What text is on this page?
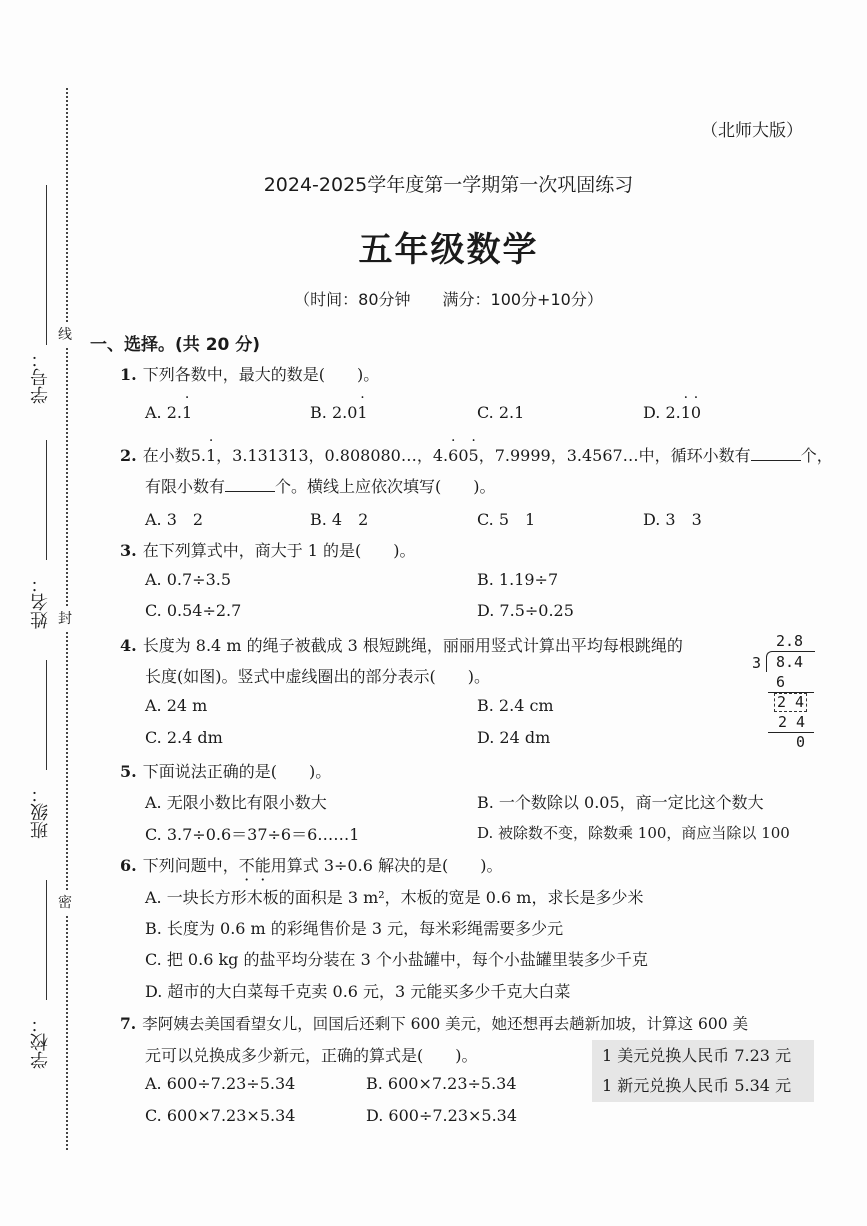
线
封
密
学号：
姓名：
班级：
学校：
（北师大版）
2024-2025学年度第一学期第一次巩固练习
五年级数学
（时间：80分钟　　满分：100分+10分）
一、选择。(共 20 分)
1. 下列各数中，最大的数是(　　)。
A. 2.· 1	B. 2.0· 1	C. 2.1	D. 2.· 1· 0
2. 在小数5.· 1，3.131313，0.808080…，4.· 60· 5，7.9999，3.4567…中，循环小数有	个，
有限小数有	个。横线上应依次填写(　　)。
A. 3　2	B. 4　2	C. 5　1	D. 3　3
3. 在下列算式中，商大于 1 的是(　　)。
A. 0.7÷3.5	B. 1.19÷7
C. 0.54÷2.7	D. 7.5÷0.25
4. 长度为 8.4 m 的绳子被截成 3 根短跳绳，丽丽用竖式计算出平均每根跳绳的
长度(如图)。竖式中虚线圈出的部分表示(　　)。
A. 24 m	B. 2.4 cm
C. 2.4 dm	D. 24 dm
2.8
3 8.4
6
2 4
2 4
0
5. 下面说法正确的是(　　)。
A. 无限小数比有限小数大	B. 一个数除以 0.05，商一定比这个数大
C. 3.7÷0.6＝37÷6＝6……1	D. 被除数不变，除数乘 100，商应当除以 100
6. 下列问题中，不能用算式 3÷0.6 解决的是(　　)。
A. 一块长方形木板的面积是 3 m²，木板的宽是 0.6 m，求长是多少米
B. 长度为 0.6 m 的彩绳售价是 3 元，每米彩绳需要多少元
C. 把 0.6 kg 的盐平均分装在 3 个小盐罐中，每个小盐罐里装多少千克
D. 超市的大白菜每千克卖 0.6 元，3 元能买多少千克大白菜
7. 李阿姨去美国看望女儿，回国后还剩下 600 美元，她还想再去趟新加坡，计算这 600 美
元可以兑换成多少新元，正确的算式是(　　)。
A. 600÷7.23÷5.34	B. 600×7.23÷5.34
C. 600×7.23×5.34	D. 600÷7.23×5.34
1 美元兑换人民币 7.23 元
1 新元兑换人民币 5.34 元
